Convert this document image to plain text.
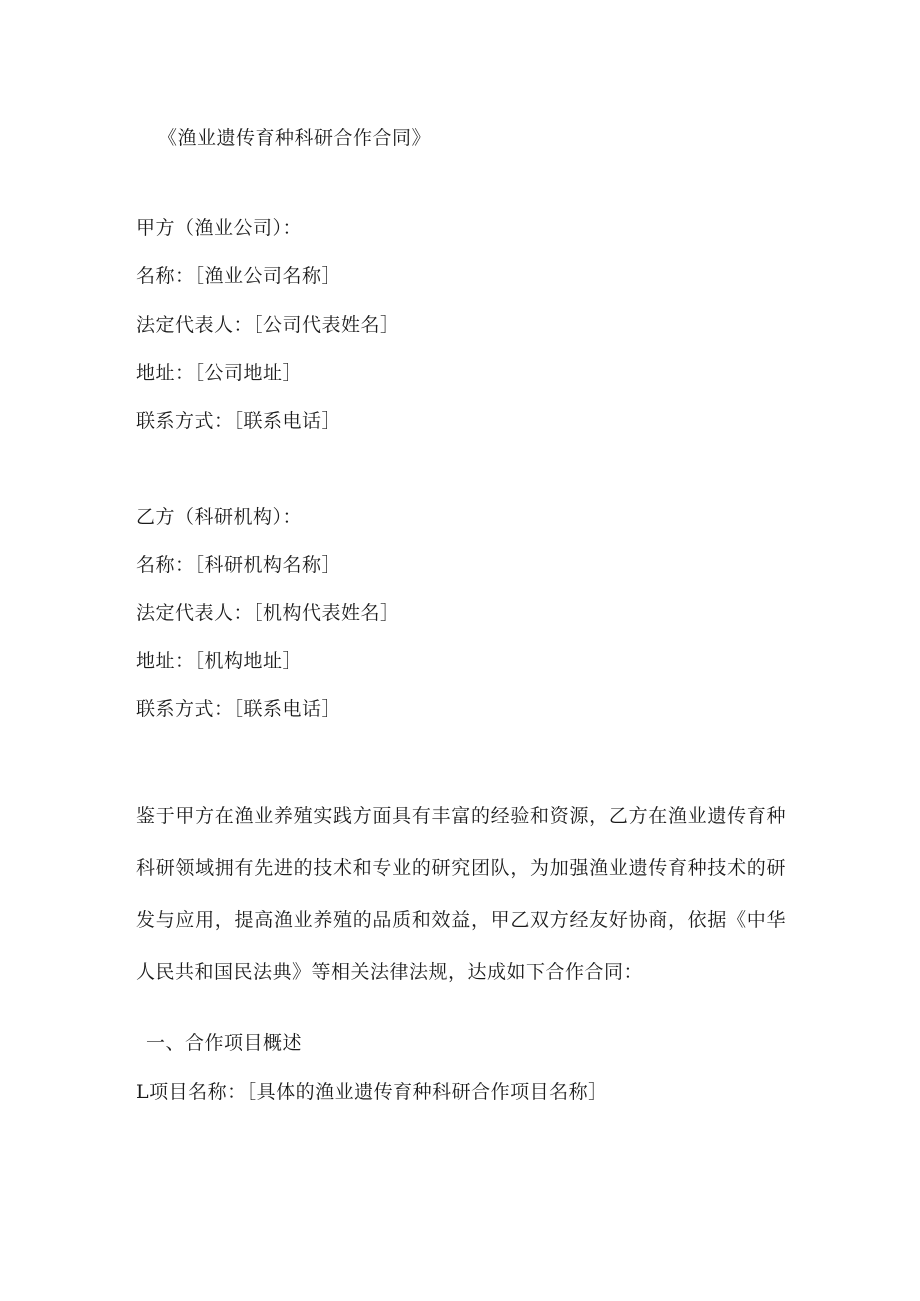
《渔业遗传育种科研合作合同》
甲方（渔业公司）：
名称：［渔业公司名称］
法定代表人：［公司代表姓名］
地址：［公司地址］
联系方式：［联系电话］
乙方（科研机构）：
名称：［科研机构名称］
法定代表人：［机构代表姓名］
地址：［机构地址］
联系方式：［联系电话］
鉴于甲方在渔业养殖实践方面具有丰富的经验和资源，乙方在渔业遗传育种科研领域拥有先进的技术和专业的研究团队，为加强渔业遗传育种技术的研发与应用，提高渔业养殖的品质和效益，甲乙双方经友好协商，依据《中华人民共和国民法典》等相关法律法规，达成如下合作合同：
一、合作项目概述
L项目名称：［具体的渔业遗传育种科研合作项目名称］
